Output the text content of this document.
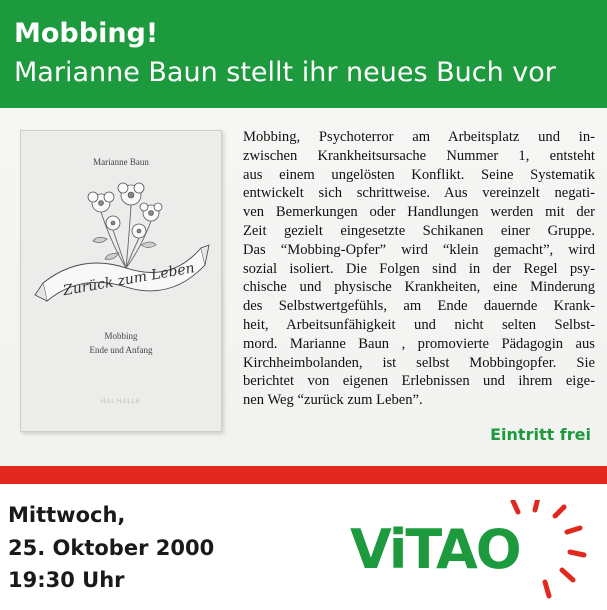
Mobbing!
Marianne Baun stellt ihr neues Buch vor
Marianne Baun
Zurück zum Leben
Mobbing
Ende und Anfang
HAI-HALLE
Mobbing, Psychoterror am Arbeitsplatz und in-
zwischen Krankheitsursache Nummer 1, entsteht
aus einem ungelösten Konflikt. Seine Systematik
entwickelt sich schrittweise. Aus vereinzelt negati-
ven Bemerkungen oder Handlungen werden mit der
Zeit gezielt eingesetzte Schikanen einer Gruppe.
Das “Mobbing-Opfer” wird “klein gemacht”, wird
sozial isoliert. Die Folgen sind in der Regel psy-
chische und physische Krankheiten, eine Minderung
des Selbstwertgefühls, am Ende dauernde Krank-
heit, Arbeitsunfähigkeit und nicht selten Selbst-
mord. Marianne Baun , promovierte Pädagogin aus
Kirchheimbolanden, ist selbst Mobbingopfer. Sie
berichtet von eigenen Erlebnissen und ihrem eige-
nen Weg “zurück zum Leben”.
Eintritt frei
Mittwoch,
25. Oktober 2000
19:30 Uhr	ViTAO
